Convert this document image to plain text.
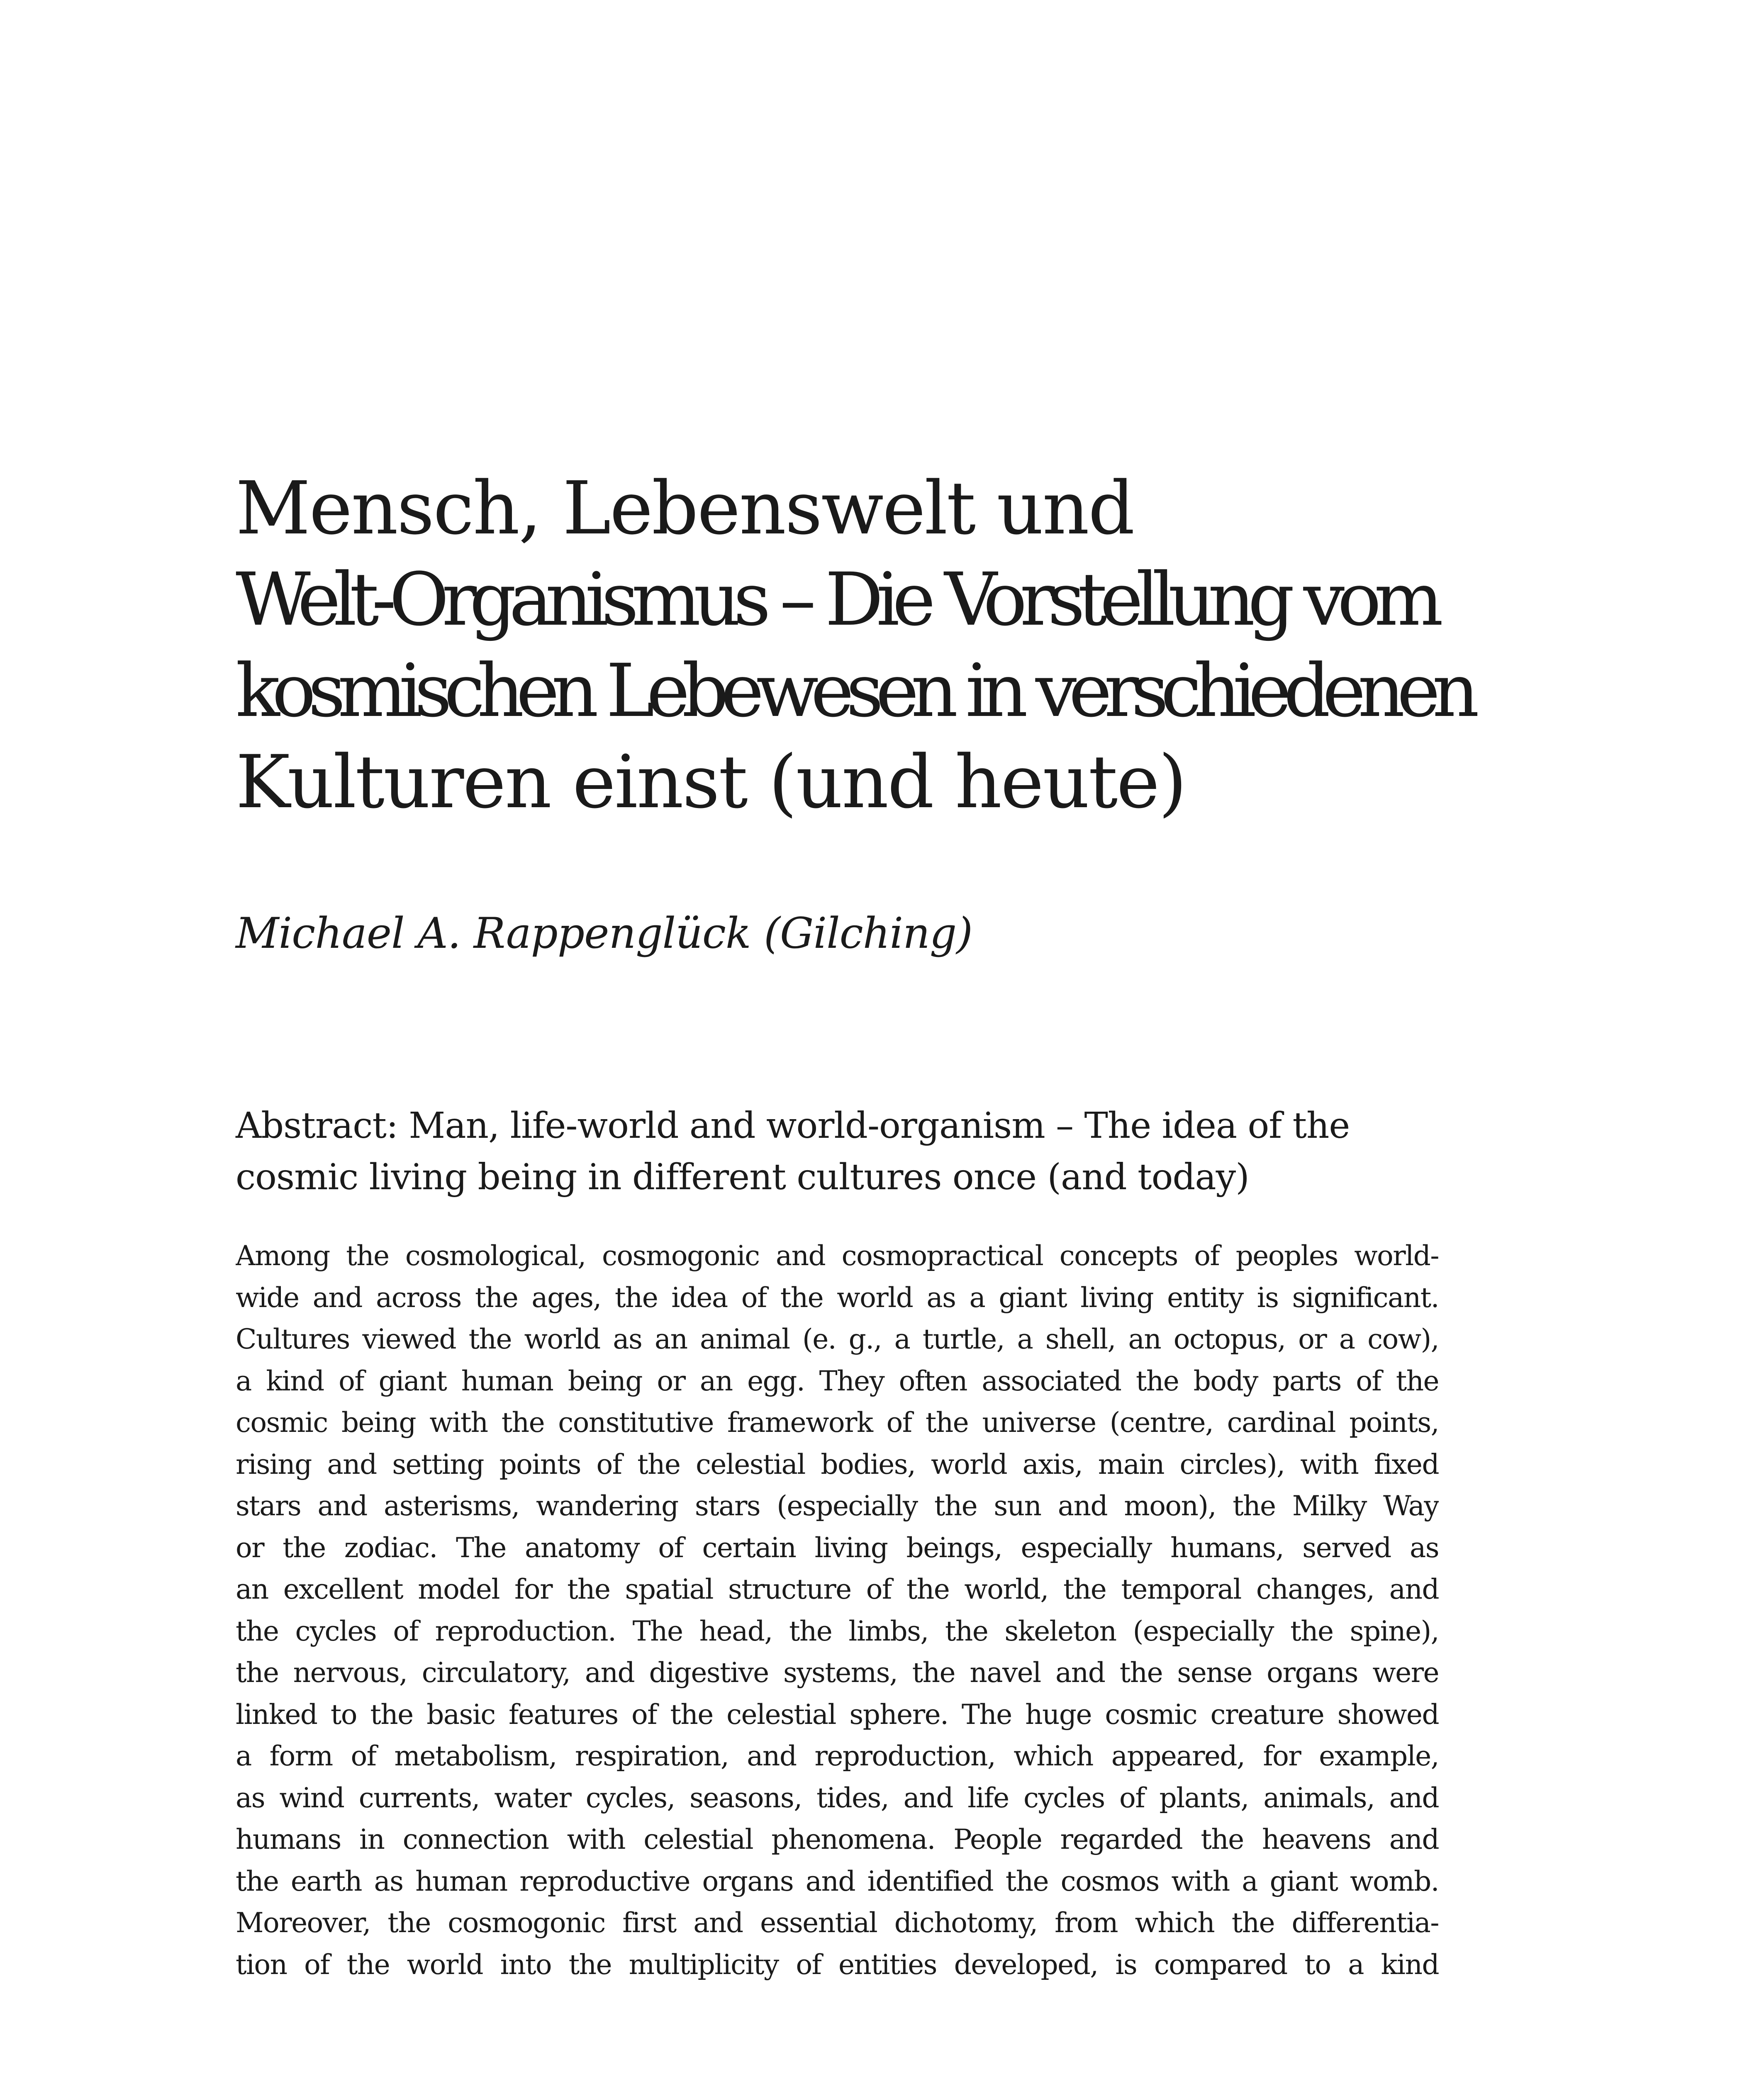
Mensch, Lebenswelt und
Welt-Organismus – Die Vorstellung vom
kosmischen Lebewesen in verschiedenen
Kulturen einst (und heute)
Michael A. Rappenglück (Gilching)
Abstract: Man, life-world and world-organism – The idea of the
cosmic living being in different cultures once (and today)
Among the cosmological, cosmogonic and cosmopractical concepts of peoples world-
wide and across the ages, the idea of the world as a giant living entity is significant.
Cultures viewed the world as an animal (e. g., a turtle, a shell, an octopus, or a cow),
a kind of giant human being or an egg. They often associated the body parts of the
cosmic being with the constitutive framework of the universe (centre, cardinal points,
rising and setting points of the celestial bodies, world axis, main circles), with fixed
stars and asterisms, wandering stars (especially the sun and moon), the Milky Way
or the zodiac. The anatomy of certain living beings, especially humans, served as
an excellent model for the spatial structure of the world, the temporal changes, and
the cycles of reproduction. The head, the limbs, the skeleton (especially the spine),
the nervous, circulatory, and digestive systems, the navel and the sense organs were
linked to the basic features of the celestial sphere. The huge cosmic creature showed
a form of metabolism, respiration, and reproduction, which appeared, for example,
as wind currents, water cycles, seasons, tides, and life cycles of plants, animals, and
humans in connection with celestial phenomena. People regarded the heavens and
the earth as human reproductive organs and identified the cosmos with a giant womb.
Moreover, the cosmogonic first and essential dichotomy, from which the differentia-
tion of the world into the multiplicity of entities developed, is compared to a kind
